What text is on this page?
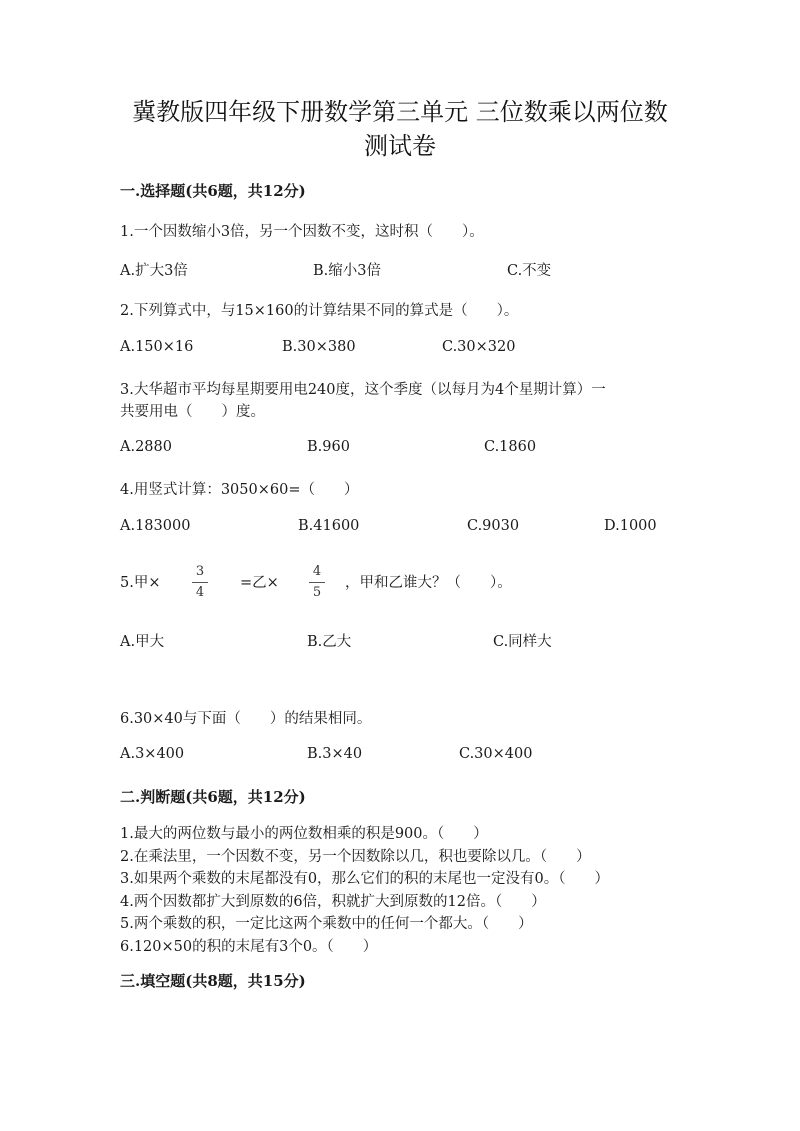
冀教版四年级下册数学第三单元 三位数乘以两位数
测试卷
一.选择题(共6题，共12分)
1.一个因数缩小3倍，另一个因数不变，这时积（　　）。
A.扩大3倍	B.缩小3倍	C.不变
2.下列算式中，与15×160的计算结果不同的算式是（　　）。
A.150×16	B.30×380	C.30×320
3.大华超市平均每星期要用电240度，这个季度（以每月为4个星期计算）一
共要用电（　　）度。
A.2880	B.960	C.1860
4.用竖式计算：3050×60=（　　）
A.183000	B.41600	C.9030	D.1000
5.甲×
3
4
=乙×
4
5
，甲和乙谁大？（　　）。
A.甲大	B.乙大	C.同样大
6.30×40与下面（　　）的结果相同。
A.3×400	B.3×40	C.30×400
二.判断题(共6题，共12分)
1.最大的两位数与最小的两位数相乘的积是900。（　　）
2.在乘法里，一个因数不变，另一个因数除以几，积也要除以几。（　　）
3.如果两个乘数的末尾都没有0，那么它们的积的末尾也一定没有0。（　　）
4.两个因数都扩大到原数的6倍，积就扩大到原数的12倍。（　　）
5.两个乘数的积，一定比这两个乘数中的任何一个都大。（　　）
6.120×50的积的末尾有3个0。（　　）
三.填空题(共8题，共15分)
